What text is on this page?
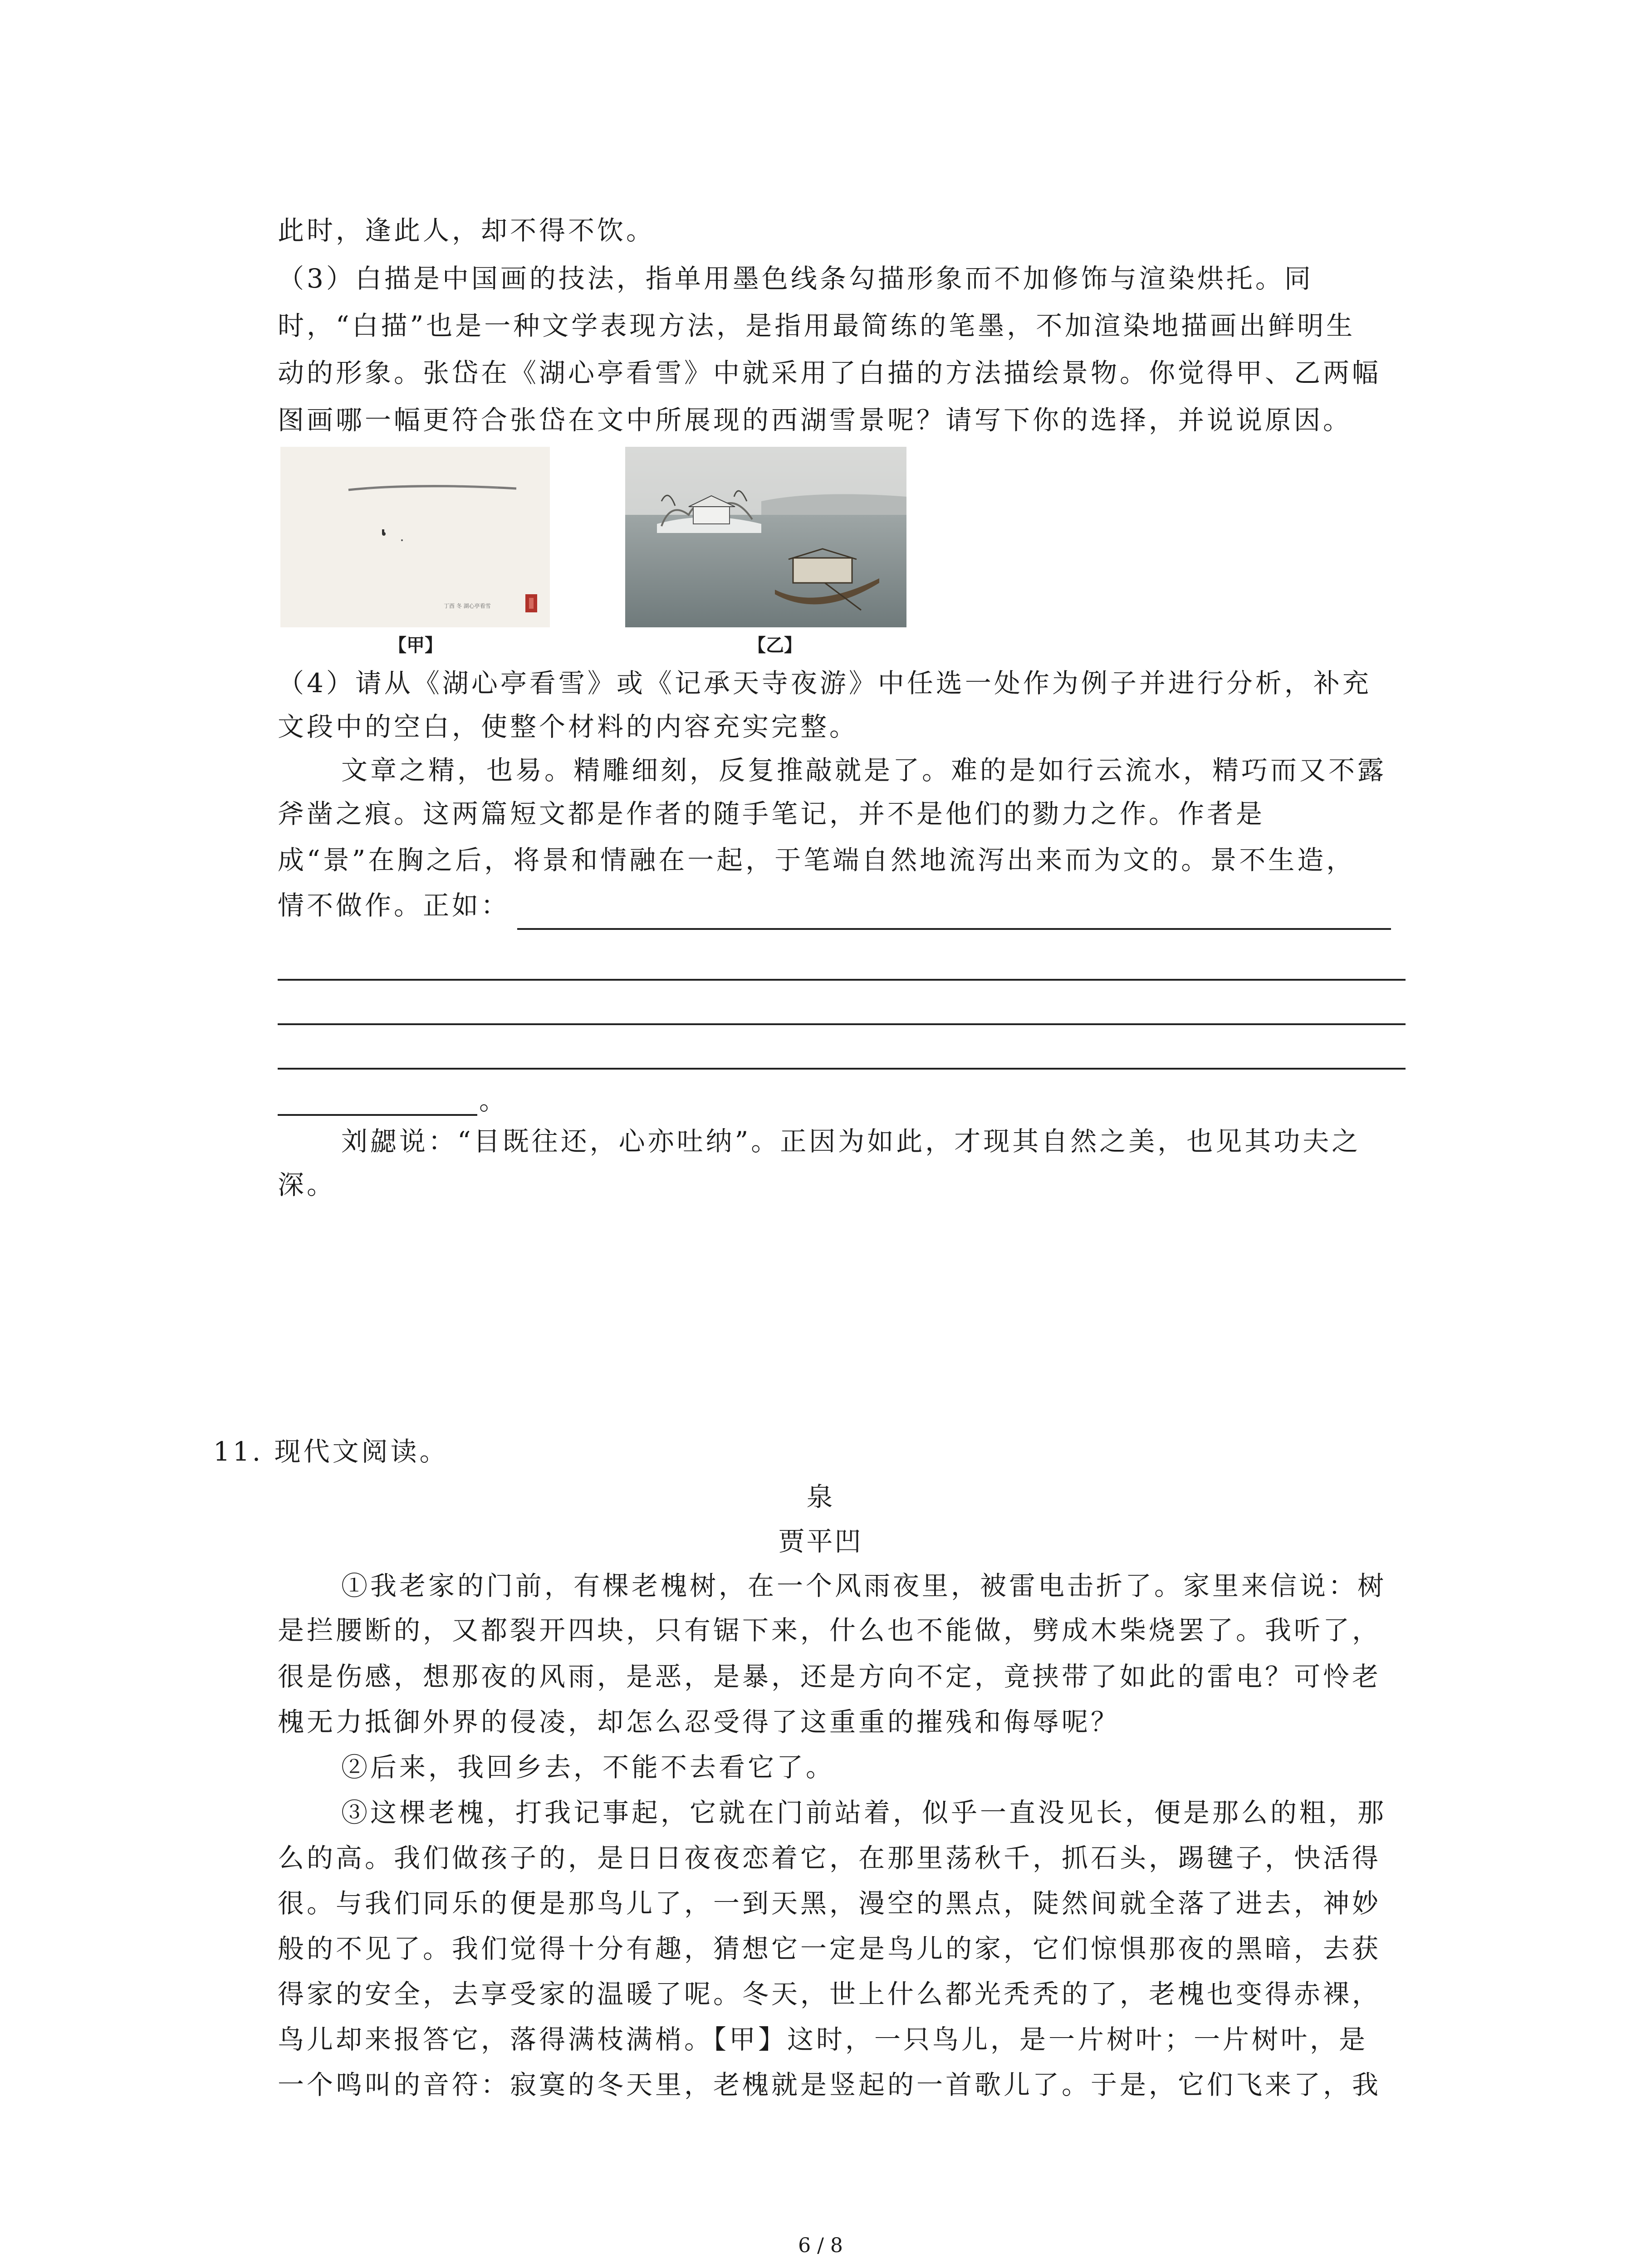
此时，逢此人，却不得不饮。
（3）白描是中国画的技法，指单用墨色线条勾描形象而不加修饰与渲染烘托。同
时，“白描”也是一种文学表现方法，是指用最简练的笔墨，不加渲染地描画出鲜明生
动的形象。张岱在《湖心亭看雪》中就采用了白描的方法描绘景物。你觉得甲、乙两幅
图画哪一幅更符合张岱在文中所展现的西湖雪景呢？请写下你的选择，并说说原因。
丁酉 冬 湖心亭看雪
【甲】	【乙】
（4）请从《湖心亭看雪》或《记承天寺夜游》中任选一处作为例子并进行分析，补充
文段中的空白，使整个材料的内容充实完整。
文章之精，也易。精雕细刻，反复推敲就是了。难的是如行云流水，精巧而又不露
斧凿之痕。这两篇短文都是作者的随手笔记，并不是他们的勠力之作。作者是
成“景”在胸之后，将景和情融在一起，于笔端自然地流泻出来而为文的。景不生造，
情不做作。正如：
。
刘勰说：“目既往还，心亦吐纳”。正因为如此，才现其自然之美，也见其功夫之
深。
11. 现代文阅读。
泉
贾平凹
①我老家的门前，有棵老槐树，在一个风雨夜里，被雷电击折了。家里来信说：树
是拦腰断的，又都裂开四块，只有锯下来，什么也不能做，劈成木柴烧罢了。我听了，
很是伤感，想那夜的风雨，是恶，是暴，还是方向不定，竟挟带了如此的雷电？可怜老
槐无力抵御外界的侵凌，却怎么忍受得了这重重的摧残和侮辱呢？
②后来，我回乡去，不能不去看它了。
③这棵老槐，打我记事起，它就在门前站着，似乎一直没见长，便是那么的粗，那
么的高。我们做孩子的，是日日夜夜恋着它，在那里荡秋千，抓石头，踢毽子，快活得
很。与我们同乐的便是那鸟儿了，一到天黑，漫空的黑点，陡然间就全落了进去，神妙
般的不见了。我们觉得十分有趣，猜想它一定是鸟儿的家，它们惊惧那夜的黑暗，去获
得家的安全，去享受家的温暖了呢。冬天，世上什么都光秃秃的了，老槐也变得赤裸，
鸟儿却来报答它，落得满枝满梢。【甲】这时，一只鸟儿，是一片树叶；一片树叶，是
一个鸣叫的音符：寂寞的冬天里，老槐就是竖起的一首歌儿了。于是，它们飞来了，我
6 / 8
